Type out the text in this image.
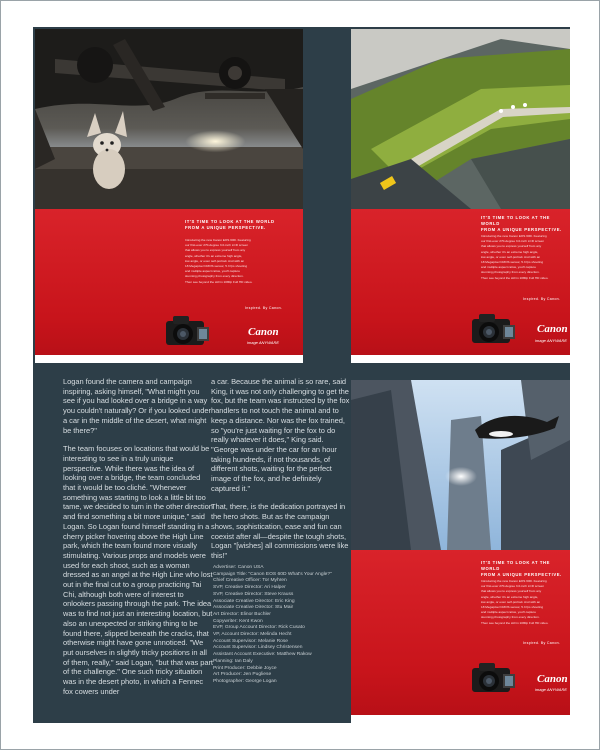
IT'S TIME TO LOOK AT THE WORLD
FROM A UNIQUE PERSPECTIVE.
Introducing the new Canon EOS 60D. Featuring
our first-ever 270-degree 3.0-inch LCD screen
that allows you to express yourself from any
angle, whether it's an extreme high angle,
low angle, or even self-portrait. And with an
18 Megapixel CMOS sensor, 5.3 fps shooting
and multiple aspect ratios, you'll capture
stunning photography from every direction.
Then see beyond the still in 1080p Full HD video.
Inspired. By Canon.
Canon
image ANYWARE
IT'S TIME TO LOOK AT THE WORLD
FROM A UNIQUE PERSPECTIVE.
Introducing the new Canon EOS 60D. Featuring
our first-ever 270-degree 3.0-inch LCD screen
that allows you to express yourself from any
angle, whether it's an extreme high angle,
low angle, or even self-portrait. And with an
18 Megapixel CMOS sensor, 5.3 fps shooting
and multiple aspect ratios, you'll capture
stunning photography from every direction.
Then see beyond the still in 1080p Full HD video.
Inspired. By Canon.
Canon
image ANYWARE
IT'S TIME TO LOOK AT THE WORLD
FROM A UNIQUE PERSPECTIVE.
Introducing the new Canon EOS 60D. Featuring
our first-ever 270-degree 3.0-inch LCD screen
that allows you to express yourself from any
angle, whether it's an extreme high angle,
low angle, or even self-portrait. And with an
18 Megapixel CMOS sensor, 5.3 fps shooting
and multiple aspect ratios, you'll capture
stunning photography from every direction.
Then see beyond the still in 1080p Full HD video.
Inspired. By Canon.
Canon
image ANYWARE

Logan found the camera and campaign inspiring, asking himself, "What might you see if you had looked over a bridge in a way you couldn't naturally? Or if you looked under a car in the middle of the desert, what might be there?"

The team focuses on locations that would be interesting to see in a truly unique perspective. While there was the idea of looking over a bridge, the team concluded that it would be too cliché. "Whenever something was starting to look a little bit too tame, we decided to turn in the other direction and find something a bit more unique," said Logan. So Logan found himself standing in a cherry picker hovering above the High Line park, which the team found more visually stimulating. Various props and models were used for each shoot, such as a woman dressed as an angel at the High Line who lost out in the final cut to a group practicing Tai Chi, although both were of interest to onlookers passing through the park. The idea was to find not just an interesting location, but also an unexpected or striking thing to be found there, slipped beneath the cracks, that otherwise might have gone unnoticed. "We put ourselves in slightly tricky positions in all of them, really," said Logan, "but that was part of the challenge." One such tricky situation was in the desert photo, in which a Fennec fox cowers under

a car. Because the animal is so rare, said King, it was not only challenging to get the fox, but the team was instructed by the fox handlers to not touch the animal and to keep a distance. Nor was the fox trained, so "you're just waiting for the fox to do really whatever it does," King said. "George was under the car for an hour taking hundreds, if not thousands, of different shots, waiting for the perfect image of the fox, and he definitely captured it."

That, there, is the dedication portrayed in the hero shots. But as the campaign shows, sophistication, ease and fun can coexist after all—despite the tough shots, Logan "[wishes] all commissions were like this!"

Advertiser: Canon USA
Campaign Title: "Canon EOS 60D What's Your Angle?"
Chief Creative Officer: Tor Myhren
SVP, Creative Director: Ari Halper
SVP, Creative Director: Steve Krauss
Associate Creative Director: Eric King
Associate Creative Director: Stu Mair
Art Director: Elinor Buchler
Copywriter: Kent Kwon
EVP, Group Account Director: Rick Cusato
VP, Account Director: Melinda Hecht
Account Supervisor: Melanie Rose
Account Supervisor: Lindsey Christensen
Assistant Account Executive: Matthew Rakow
Planning: Ian Daly
Print Producer: Debbie Joyce
Art Producer: Jen Pugliese
Photographer: George Logan
